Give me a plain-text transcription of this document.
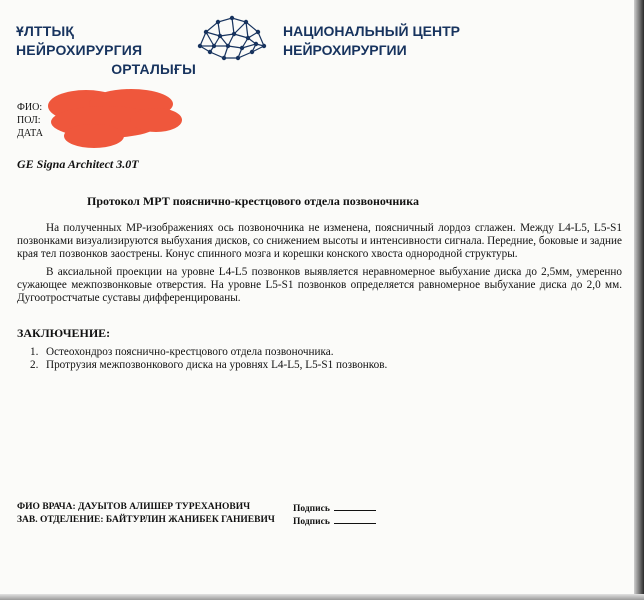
ҰЛТТЫҚ НЕЙРОХИРУРГИЯ
ОРТАЛЫҒЫ
НАЦИОНАЛЬНЫЙ ЦЕНТР
НЕЙРОХИРУРГИИ
ФИО:
ПОЛ:
ДАТА
GE Signa Architect 3.0T
Протокол МРТ пояснично-крестцового отдела позвоночника

На полученных МР-изображениях ось позвоночника не изменена, поясничный лордоз сглажен. Между L4-L5, L5-S1 позвонками визуализируются выбухания дисков, со снижением высоты и интенсивности сигнала. Передние, боковые и задние края тел позвонков заострены. Конус спинного мозга и корешки конского хвоста однородной структуры.

В аксиальной проекции на уровне L4-L5 позвонков выявляется неравномерное выбухание диска до 2,5мм, умеренно сужающее межпозвонковые отверстия. На уровне L5-S1 позвонков определяется равномерное выбухание диска до 2,0 мм. Дугоотростчатые суставы дифференцированы.

ЗАКЛЮЧЕНИЕ:
1. Остеохондроз пояснично-крестцового отдела позвоночника.
2. Протрузия межпозвонкового диска на уровнях L4-L5, L5-S1 позвонков.
ФИО ВРАЧА: ДАУЫТОВ АЛИШЕР ТУРЕХАНОВИЧ
ЗАВ. ОТДЕЛЕНИЕ: БАЙТУРЛИН ЖАНИБЕК ГАНИЕВИЧ
Подпись
Подпись
